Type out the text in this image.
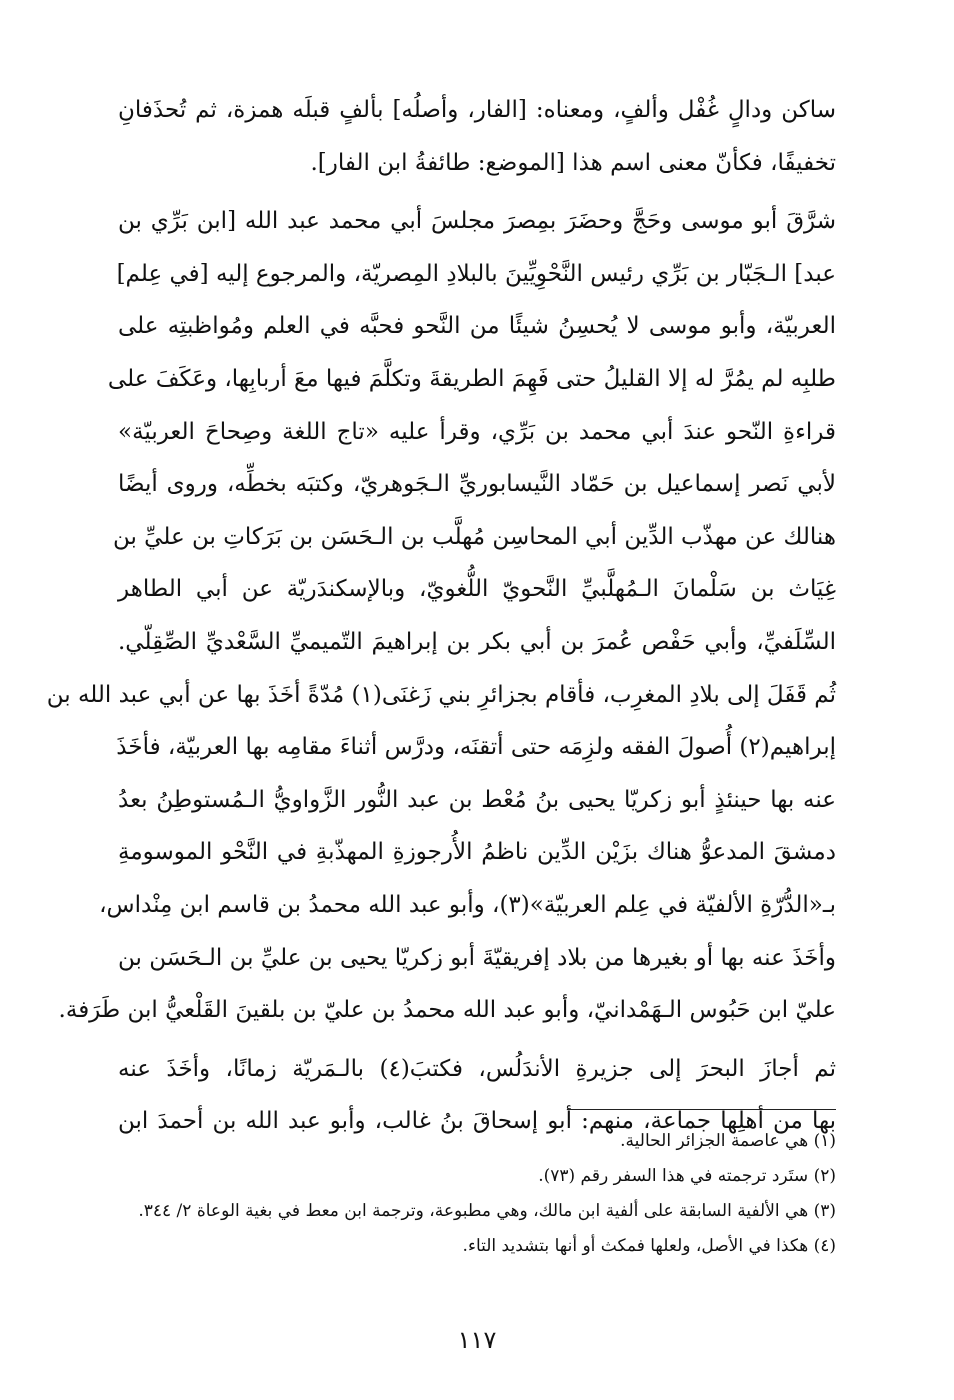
ساكن ودالٍ غُفْل وألفٍ، ومعناه: [الفار، وأصلُه] بألفٍ قبلَه همزة، ثم تُحذَفانِ
تخفيفًا، فكأنّ معنى اسم هذا [الموضع: طائفةُ ابن الفار].
شرَّقَ أبو موسى وحَجَّ وحضَرَ بمِصرَ مجلسَ أبي محمد عبد الله [ابن بَرِّي بن
عبد] الـجَبّار بن بَرِّي رئيس النَّحْوِيِّينَ بالبلادِ المِصريّة، والمرجوع إليه [في عِلم]
العربيّة، وأبو موسى لا يُحسِنُ شيئًا من النَّحو فحبَّه في العلم ومُواظبتِه على
طلبِه لم يمُرَّ له إلا القليلُ حتى فَهِمَ الطريقةَ وتكلَّمَ فيها معَ أربابِها، وعَكَفَ على
قراءةِ النّحو عندَ أبي محمد بن بَرِّي، وقرأ عليه «تاج اللغة وصِحاحَ العربيّة»
لأبي نَصر إسماعيل بن حَمّاد النَّيسابوريِّ الـجَوهريّ، وكتبَه بخطِّه، وروى أيضًا
هنالك عن مهذّب الدِّين أبي المحاسِن مُهلَّب بن الـحَسَن بن بَرَكاتِ بن عليِّ بن
غِيَاث بن سَلْمانَ الـمُهلَّبيِّ النَّحويّ اللُّغويّ، وبالإسكندَريّة عن أبي الطاهر
السِّلَفيِّ، وأبي حَفْص عُمرَ بن أبي بكر بن إبراهيمَ التّميميِّ السَّعْديِّ الصِّقِلّي.
ثُم قَفَلَ إلى بلادِ المغرِب، فأقام بجزائرِ بني زَغنَى(١) مُدّةً أخَذَ بها عن أبي عبد الله بن
إبراهيم(٢) أُصولَ الفقه ولزِمَه حتى أتقنَه، ودرَّس أثناءَ مقامِه بها العربيّة، فأخَذَ
عنه بها حينئذٍ أبو زكريّا يحيى بنُ مُعْط بن عبد النُّور الزَّواويُّ الـمُستوطِنُ بعدُ
دمشقَ المدعوُّ هناك بزَيْن الدِّين ناظمُ الأُرجوزةِ المهذّبةِ في النَّحْو الموسومةِ
بـ«الدُّرّةِ الألفيّة في عِلم العربيّة»(٣)، وأبو عبد الله محمدُ بن قاسم ابن مِنْداس،
وأخَذَ عنه بها أو بغيرها من بلاد إفريقيّةَ أبو زكريّا يحيى بن عليِّ بن الـحَسَن بن
عليّ ابن حَبُوس الـهَمْدانيّ، وأبو عبد الله محمدُ بن عليّ بن بلقينَ القَلْعيُّ ابن طَرَفة.
ثم أجازَ البحرَ إلى جزيرةِ الأندَلُس، فكتبَ(٤) بالـمَريّة زمانًا، وأخَذَ عنه
بها من أهلِها جماعة، منهم: أبو إسحاقَ بنُ غالب، وأبو عبد الله بن أحمدَ ابن
(١) هي عاصمة الجزائر الحالية.
(٢) ستَرد ترجمته في هذا السفر رقم (٧٣).
(٣) هي الألفية السابقة على ألفية ابن مالك، وهي مطبوعة، وترجمة ابن معط في بغية الوعاة ٢/ ٣٤٤.
(٤) هكذا في الأصل، ولعلها فمكث أو أنها بتشديد التاء.
١١٧
